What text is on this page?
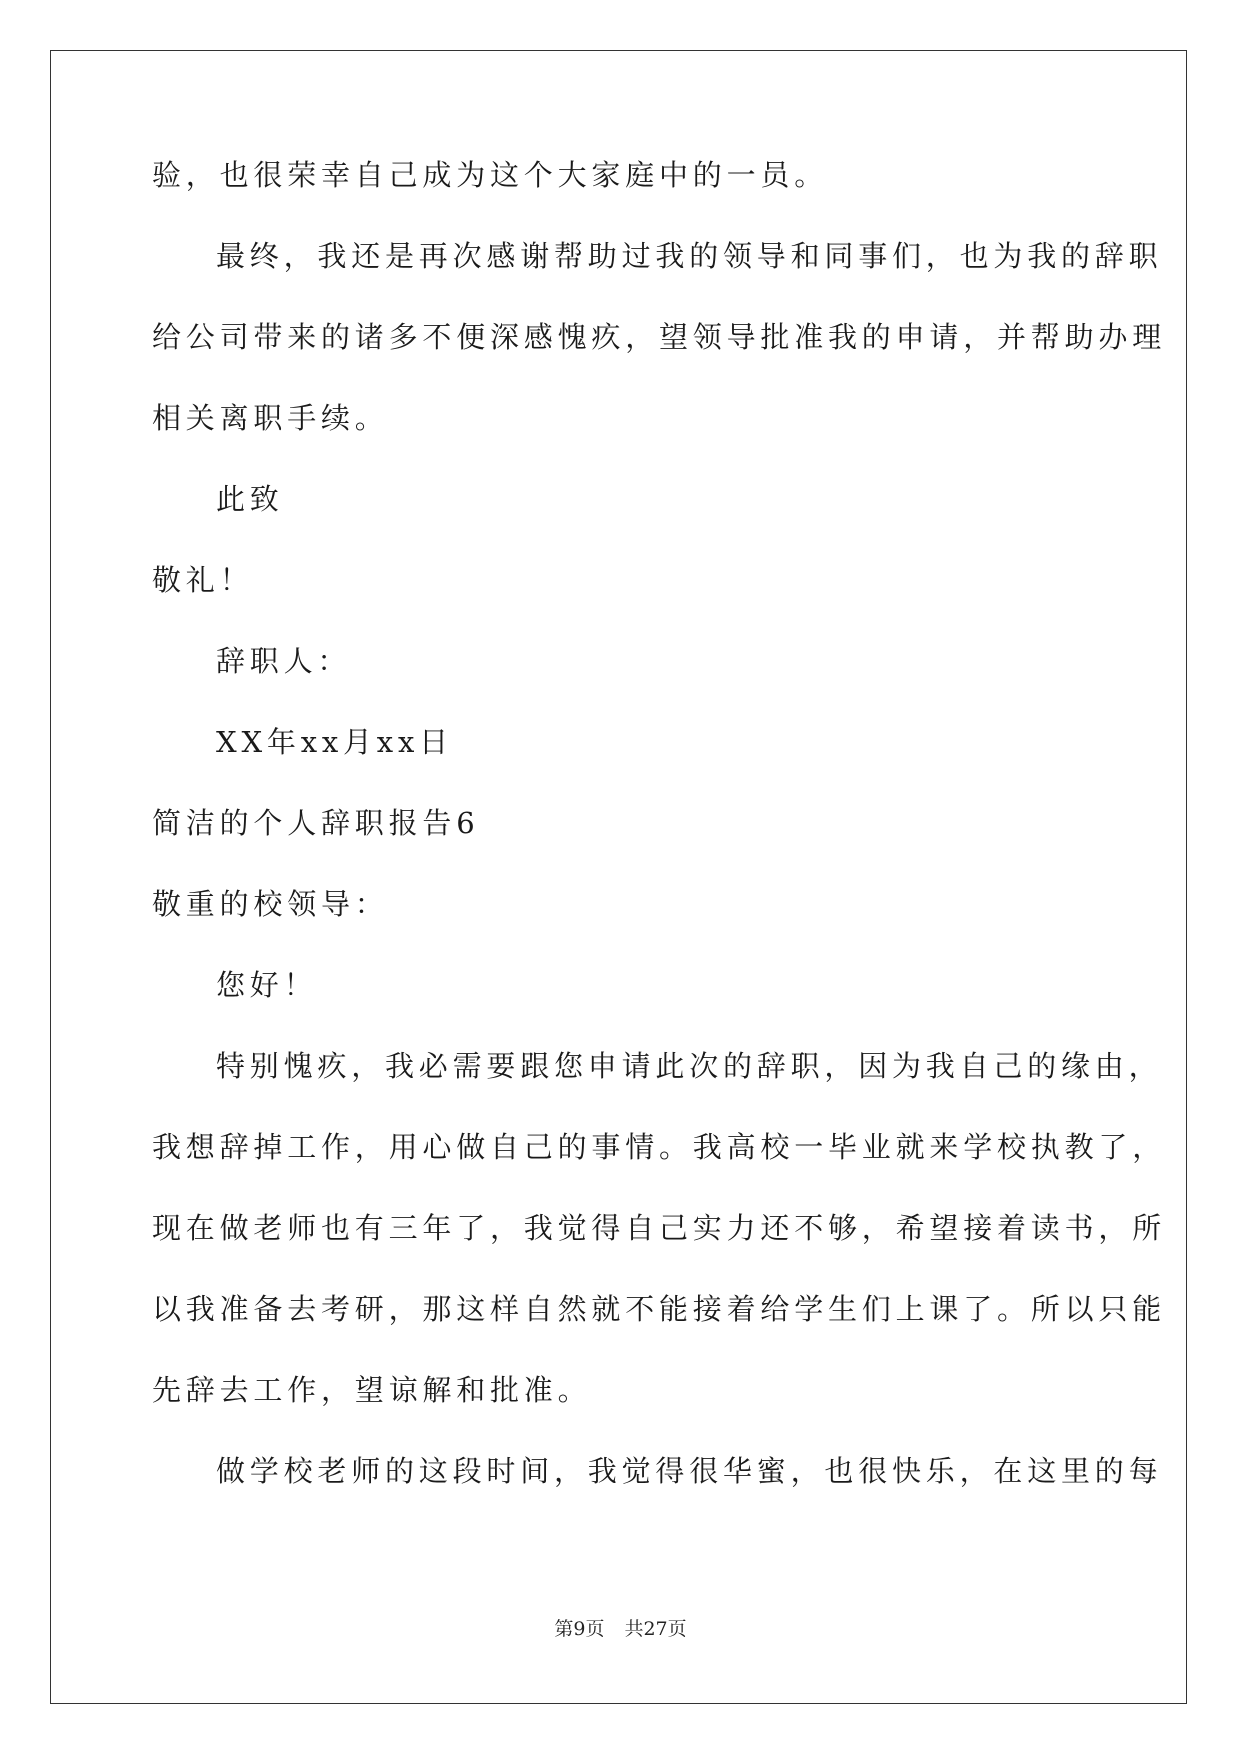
验，也很荣幸自己成为这个大家庭中的一员。

最终，我还是再次感谢帮助过我的领导和同事们，也为我的辞职

给公司带来的诸多不便深感愧疚，望领导批准我的申请，并帮助办理

相关离职手续。

此致

敬礼！

辞职人：

XX年xx月xx日

简洁的个人辞职报告6

敬重的校领导：

您好！

特别愧疚，我必需要跟您申请此次的辞职，因为我自己的缘由，

我想辞掉工作，用心做自己的事情。我高校一毕业就来学校执教了，

现在做老师也有三年了，我觉得自己实力还不够，希望接着读书，所

以我准备去考研，那这样自然就不能接着给学生们上课了。所以只能

先辞去工作，望谅解和批准。

做学校老师的这段时间，我觉得很华蜜，也很快乐，在这里的每

第9页 共27页
